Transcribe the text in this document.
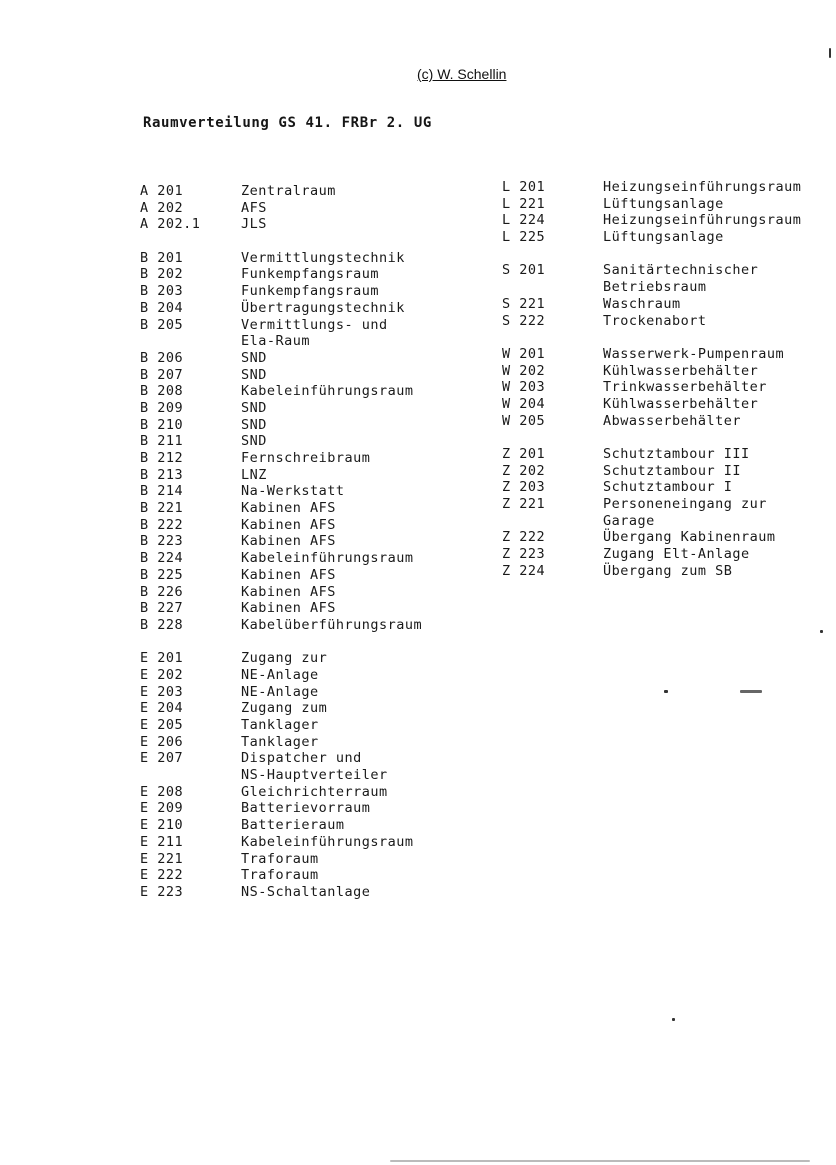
(c) W. Schellin
Raumverteilung GS 41. FRBr 2. UG
A 201	Zentralraum
A 202	AFS
A 202.1	JLS
B 201	Vermittlungstechnik
B 202	Funkempfangsraum
B 203	Funkempfangsraum
B 204	Übertragungstechnik
B 205	Vermittlungs- und
Ela-Raum
B 206	SND
B 207	SND
B 208	Kabeleinführungsraum
B 209	SND
B 210	SND
B 211	SND
B 212	Fernschreibraum
B 213	LNZ
B 214	Na-Werkstatt
B 221	Kabinen AFS
B 222	Kabinen AFS
B 223	Kabinen AFS
B 224	Kabeleinführungsraum
B 225	Kabinen AFS
B 226	Kabinen AFS
B 227	Kabinen AFS
B 228	Kabelüberführungsraum
E 201	Zugang zur
E 202	NE-Anlage
E 203	NE-Anlage
E 204	Zugang zum
E 205	Tanklager
E 206	Tanklager
E 207	Dispatcher und
NS-Hauptverteiler
E 208	Gleichrichterraum
E 209	Batterievorraum
E 210	Batterieraum
E 211	Kabeleinführungsraum
E 221	Traforaum
E 222	Traforaum
E 223	NS-Schaltanlage
L 201	Heizungseinführungsraum
L 221	Lüftungsanlage
L 224	Heizungseinführungsraum
L 225	Lüftungsanlage
S 201	Sanitärtechnischer
Betriebsraum
S 221	Waschraum
S 222	Trockenabort
W 201	Wasserwerk-Pumpenraum
W 202	Kühlwasserbehälter
W 203	Trinkwasserbehälter
W 204	Kühlwasserbehälter
W 205	Abwasserbehälter
Z 201	Schutztambour III
Z 202	Schutztambour II
Z 203	Schutztambour I
Z 221	Personeneingang zur
Garage
Z 222	Übergang Kabinenraum
Z 223	Zugang Elt-Anlage
Z 224	Übergang zum SB
